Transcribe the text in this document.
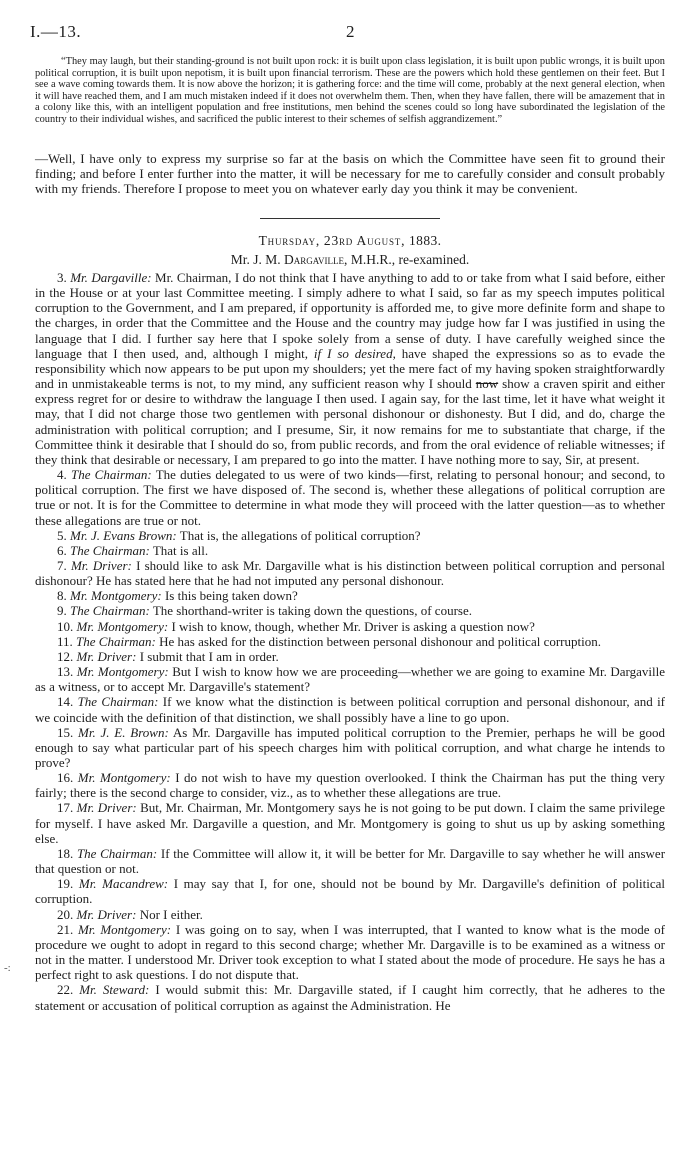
I.—13.	2

“They may laugh, but their standing-ground is not built upon rock: it is built upon class legislation, it is built upon public wrongs, it is built upon political corruption, it is built upon nepotism, it is built upon financial terrorism. These are the powers which hold these gentlemen on their feet. But I see a wave coming towards them. It is now above the horizon; it is gathering force: and the time will come, probably at the next general election, when it will have reached them, and I am much mistaken indeed if it does not overwhelm them. Then, when they have fallen, there will be amazement that in a colony like this, with an intelligent population and free institutions, men behind the scenes could so long have subordinated the legislation of the country to their individual wishes, and sacrificed the public interest to their schemes of selfish aggrandizement.”

—Well, I have only to express my surprise so far at the basis on which the Committee have seen fit to ground their finding; and before I enter further into the matter, it will be necessary for me to carefully consider and consult probably with my friends. Therefore I propose to meet you on whatever early day you think it may be convenient.
Thursday, 23rd August, 1883.
Mr. J. M. Dargaville, M.H.R., re-examined.

3. Mr. Dargaville: Mr. Chairman, I do not think that I have anything to add to or take from what I said before, either in the House or at your last Committee meeting. I simply adhere to what I said, so far as my speech imputes political corruption to the Government, and I am prepared, if opportunity is afforded me, to give more definite form and shape to the charges, in order that the Committee and the House and the country may judge how far I was justified in using the language that I did. I further say here that I spoke solely from a sense of duty. I have carefully weighed since the language that I then used, and, although I might, if I so desired, have shaped the expressions so as to evade the responsibility which now appears to be put upon my shoulders; yet the mere fact of my having spoken straightforwardly and in unmistakeable terms is not, to my mind, any sufficient reason why I should now show a craven spirit and either express regret for or desire to withdraw the language I then used. I again say, for the last time, let it have what weight it may, that I did not charge those two gentlemen with personal dishonour or dishonesty. But I did, and do, charge the administration with political corruption; and I presume, Sir, it now remains for me to substantiate that charge, if the Committee think it desirable that I should do so, from public records, and from the oral evidence of reliable witnesses; if they think that desirable or necessary, I am prepared to go into the matter. I have nothing more to say, Sir, at present.

4. The Chairman: The duties delegated to us were of two kinds—first, relating to personal honour; and second, to political corruption. The first we have disposed of. The second is, whether these allegations of political corruption are true or not. It is for the Committee to determine in what mode they will proceed with the latter question—as to whether these allegations are true or not.

5. Mr. J. Evans Brown: That is, the allegations of political corruption?

6. The Chairman: That is all.

7. Mr. Driver: I should like to ask Mr. Dargaville what is his distinction between political corruption and personal dishonour? He has stated here that he had not imputed any personal dishonour.

8. Mr. Montgomery: Is this being taken down?

9. The Chairman: The shorthand-writer is taking down the questions, of course.

10. Mr. Montgomery: I wish to know, though, whether Mr. Driver is asking a question now?

11. The Chairman: He has asked for the distinction between personal dishonour and political corruption.

12. Mr. Driver: I submit that I am in order.

13. Mr. Montgomery: But I wish to know how we are proceeding—whether we are going to examine Mr. Dargaville as a witness, or to accept Mr. Dargaville's statement?

14. The Chairman: If we know what the distinction is between political corruption and personal dishonour, and if we coincide with the definition of that distinction, we shall possibly have a line to go upon.

15. Mr. J. E. Brown: As Mr. Dargaville has imputed political corruption to the Premier, perhaps he will be good enough to say what particular part of his speech charges him with political corruption, and what charge he intends to prove?

16. Mr. Montgomery: I do not wish to have my question overlooked. I think the Chairman has put the thing very fairly; there is the second charge to consider, viz., as to whether these allegations are true.

17. Mr. Driver: But, Mr. Chairman, Mr. Montgomery says he is not going to be put down. I claim the same privilege for myself. I have asked Mr. Dargaville a question, and Mr. Montgomery is going to shut us up by asking something else.

18. The Chairman: If the Committee will allow it, it will be better for Mr. Dargaville to say whether he will answer that question or not.

19. Mr. Macandrew: I may say that I, for one, should not be bound by Mr. Dargaville's definition of political corruption.

20. Mr. Driver: Nor I either.

21. Mr. Montgomery: I was going on to say, when I was interrupted, that I wanted to know what is the mode of procedure we ought to adopt in regard to this second charge; whether Mr. Dargaville is to be examined as a witness or not in the matter. I understood Mr. Driver took exception to what I stated about the mode of procedure. He says he has a perfect right to ask questions. I do not dispute that.

22. Mr. Steward: I would submit this: Mr. Dargaville stated, if I caught him correctly, that he adheres to the statement or accusation of political corruption as against the Administration. He

-:
